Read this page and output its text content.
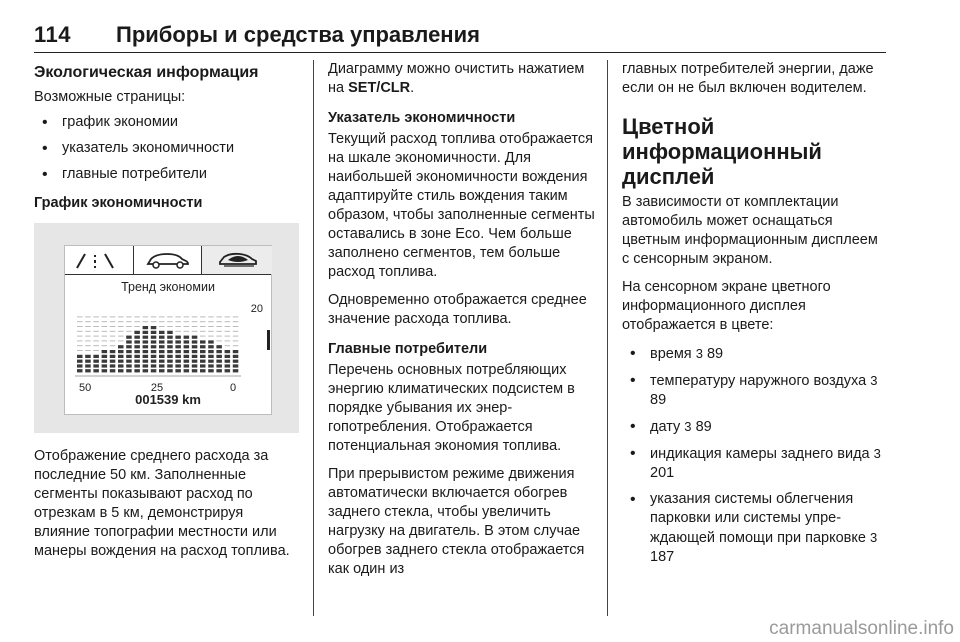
114 Приборы и средства управления
Экологическая информация

Возможные страницы:

• график экономии
• указатель экономичности
• главные потребители
График экономичности
Тренд экономии
20
50	25	0
001539 km

Отображение среднего расхода за последние 50 км. Заполненные сегменты показывают расход по отрезкам в 5 км, демонстрируя влияние топографии местности или манеры вождения на расход топлива.

Диаграмму можно очистить нажатием на SET/CLR.

Указатель экономичности

Текущий расход топлива отображается на шкале экономичности. Для наибольшей экономичности вождения адаптируйте стиль вождения таким образом, чтобы заполненные сегменты оставались в зоне Eco. Чем больше заполнено сегментов, тем больше расход топлива.

Одновременно отображается среднее значение расхода топлива.

Главные потребители

Перечень основных потребляющих энергию климатических подсистем в порядке убывания их энергопотребления. Отображается потенциальная экономия топлива.

При прерывистом режиме движения автоматически включается обогрев заднего стекла, чтобы увеличить нагрузку на двигатель. В этом случае обогрев заднего стекла отображается как один из

главных потребителей энергии, даже если он не был включен водителем.

Цветной информационный дисплей

В зависимости от комплектации автомобиль может оснащаться цветным информационным дисплеем с сенсорным экраном.

На сенсорном экране цветного информационного дисплея отображается в цвете:

• время 3 89
• температуру наружного воздуха 3 89
• дату 3 89
• индикация камеры заднего вида 3 201
• указания системы облегчения парковки или системы упреждающей помощи при парковке 3 187
carmanualsonline.info
